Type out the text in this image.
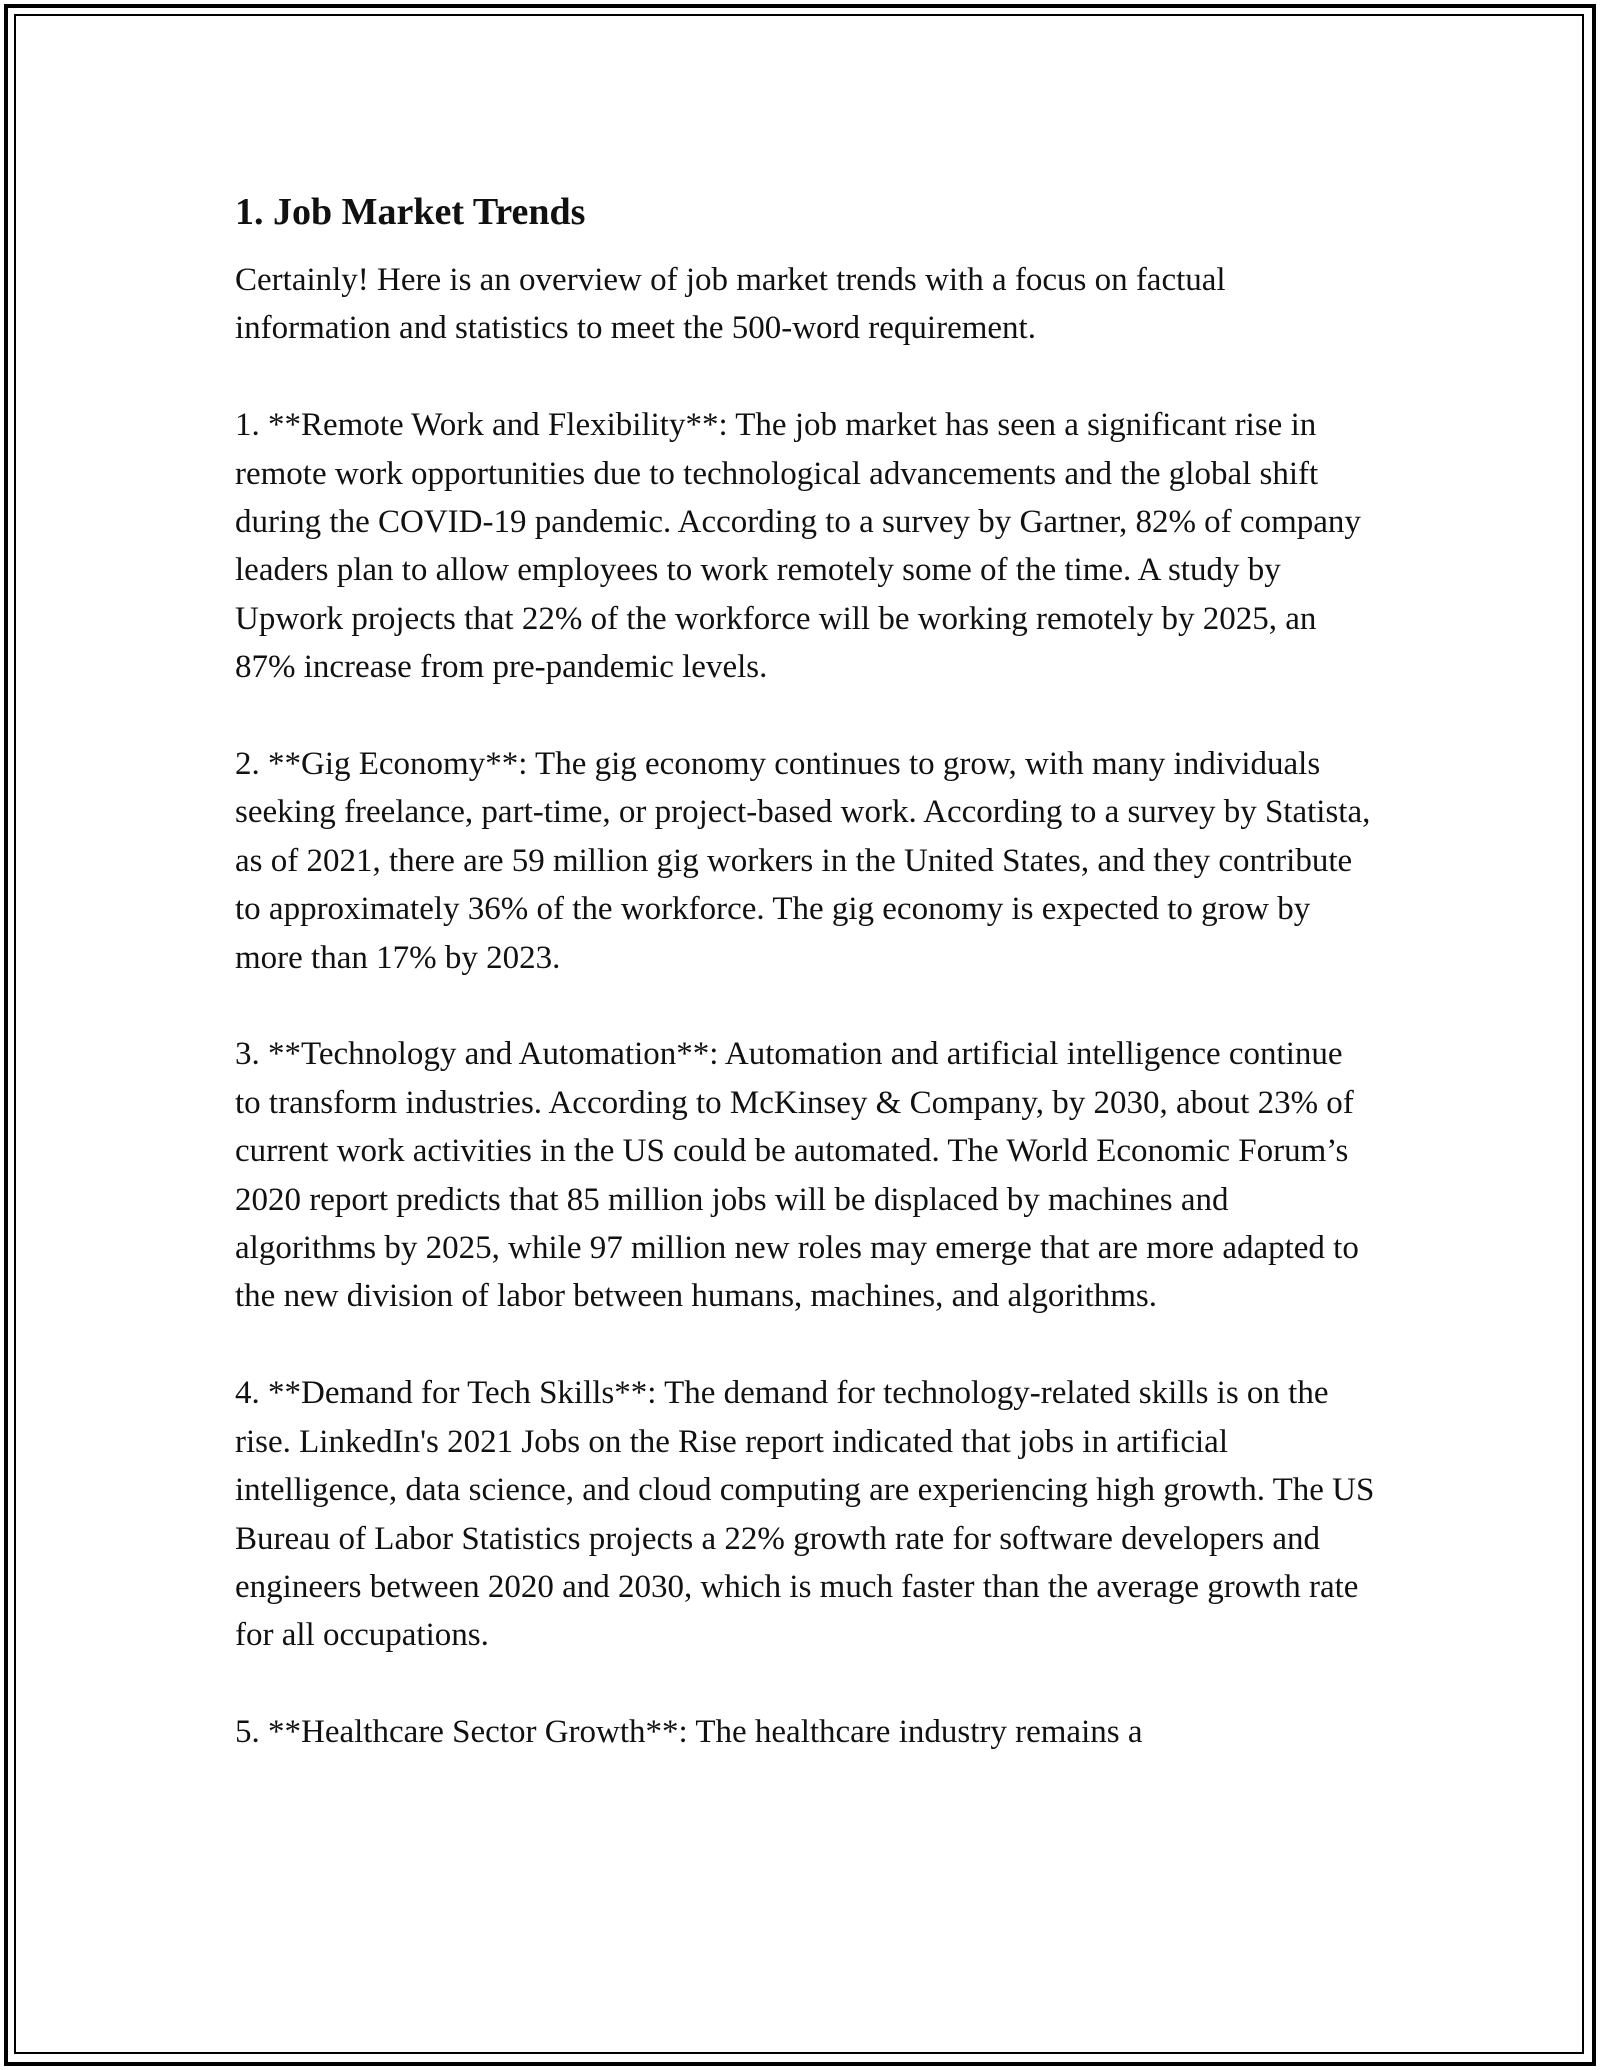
1. Job Market Trends

Certainly! Here is an overview of job market trends with a focus on factual information and statistics to meet the 500-word requirement.

1. **Remote Work and Flexibility**: The job market has seen a significant rise in remote work opportunities due to technological advancements and the global shift during the COVID-19 pandemic. According to a survey by Gartner, 82% of company leaders plan to allow employees to work remotely some of the time. A study by Upwork projects that 22% of the workforce will be working remotely by 2025, an 87% increase from pre-pandemic levels.

2. **Gig Economy**: The gig economy continues to grow, with many individuals seeking freelance, part-time, or project-based work. According to a survey by Statista, as of 2021, there are 59 million gig workers in the United States, and they contribute to approximately 36% of the workforce. The gig economy is expected to grow by more than 17% by 2023.

3. **Technology and Automation**: Automation and artificial intelligence continue to transform industries. According to McKinsey & Company, by 2030, about 23% of current work activities in the US could be automated. The World Economic Forum’s 2020 report predicts that 85 million jobs will be displaced by machines and algorithms by 2025, while 97 million new roles may emerge that are more adapted to the new division of labor between humans, machines, and algorithms.

4. **Demand for Tech Skills**: The demand for technology-related skills is on the rise. LinkedIn's 2021 Jobs on the Rise report indicated that jobs in artificial intelligence, data science, and cloud computing are experiencing high growth. The US Bureau of Labor Statistics projects a 22% growth rate for software developers and engineers between 2020 and 2030, which is much faster than the average growth rate for all occupations.

5. **Healthcare Sector Growth**: The healthcare industry remains a
